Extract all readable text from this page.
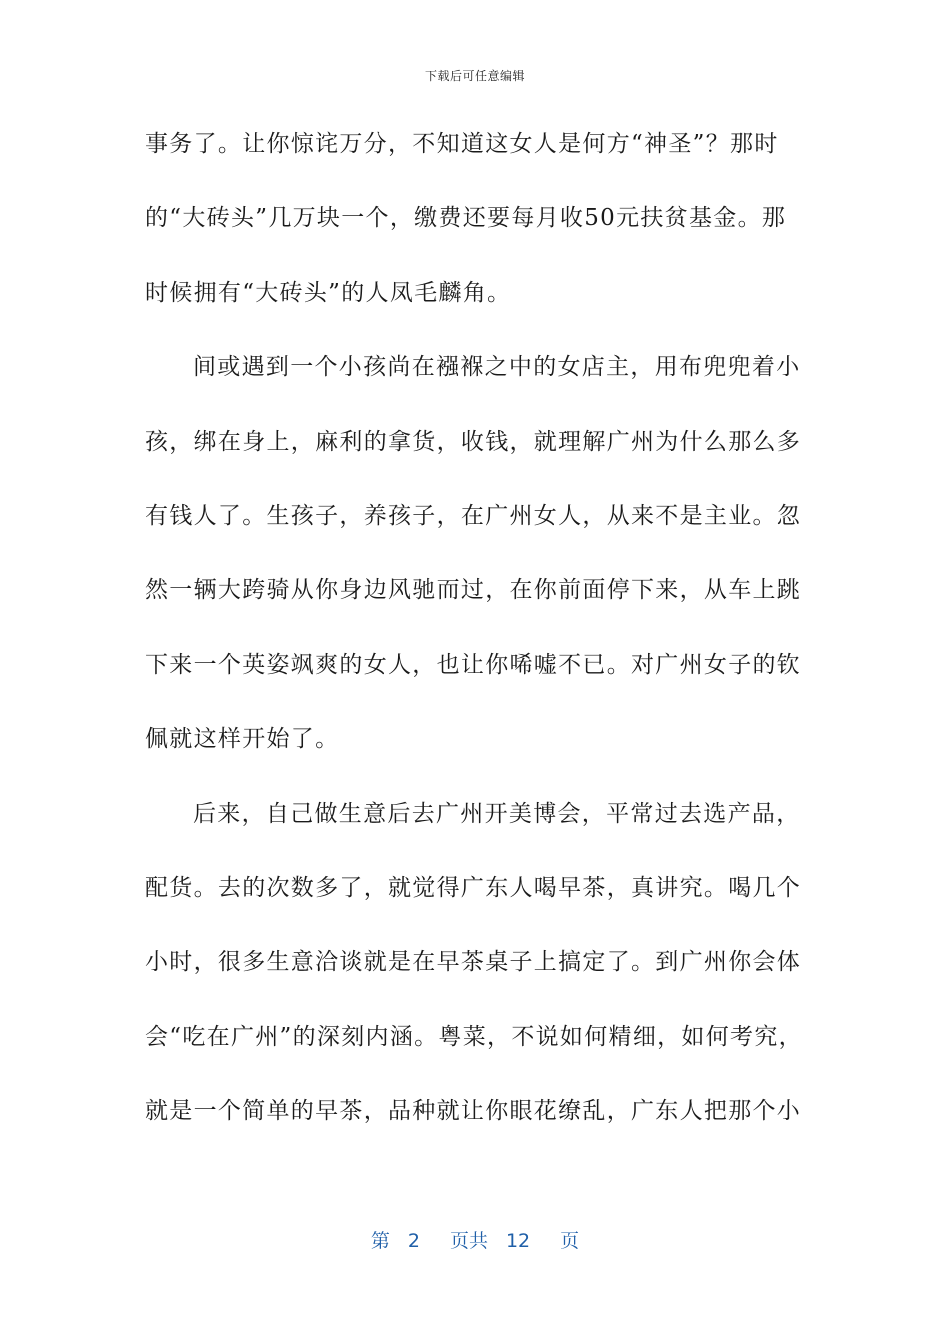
下载后可任意编辑
事务了。让你惊诧万分，不知道这女人是何方“神圣”？那时
的“大砖头”几万块一个，缴费还要每月收50元扶贫基金。那
时候拥有“大砖头”的人凤毛麟角。
间或遇到一个小孩尚在襁褓之中的女店主，用布兜兜着小
孩，绑在身上，麻利的拿货，收钱，就理解广州为什么那么多
有钱人了。生孩子，养孩子，在广州女人，从来不是主业。忽
然一辆大跨骑从你身边风驰而过，在你前面停下来，从车上跳
下来一个英姿飒爽的女人，也让你唏嘘不已。对广州女子的钦
佩就这样开始了。
后来，自己做生意后去广州开美博会，平常过去选产品，
配货。去的次数多了，就觉得广东人喝早茶，真讲究。喝几个
小时，很多生意洽谈就是在早茶桌子上搞定了。到广州你会体
会“吃在广州”的深刻内涵。粤菜，不说如何精细，如何考究，
就是一个简单的早茶，品种就让你眼花缭乱，广东人把那个小
第 2 页共 12 页
